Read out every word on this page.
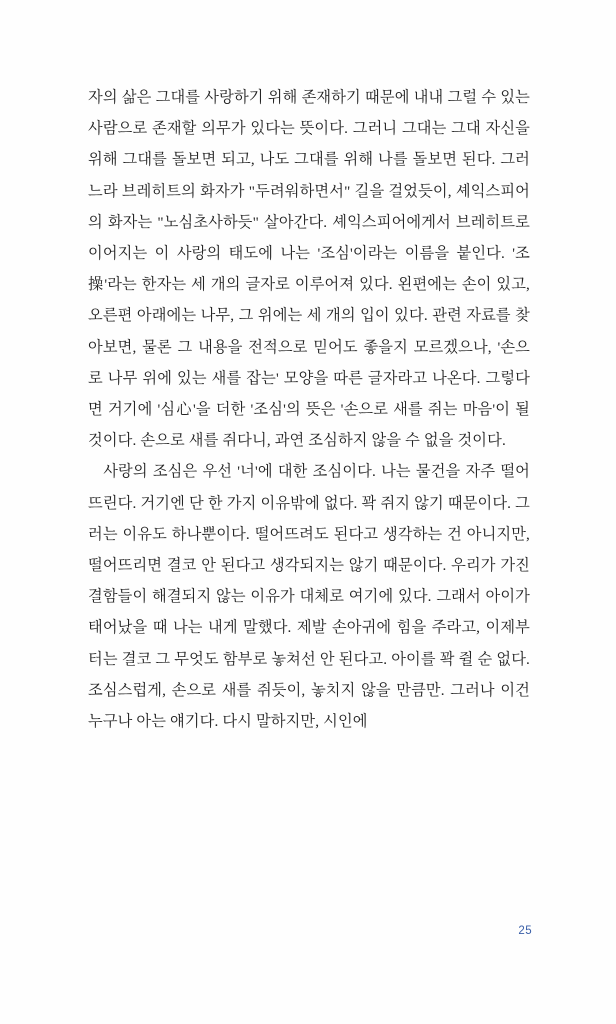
자의 삶은 그대를 사랑하기 위해 존재하기 때문에 내내 그럴 수 있는 사람으로 존재할 의무가 있다는 뜻이다. 그러니 그대는 그대 자신을 위해 그대를 돌보면 되고, 나도 그대를 위해 나를 돌보면 된다. 그러느라 브레히트의 화자가 "두려워하면서" 길을 걸었듯이, 셰익스피어의 화자는 "노심초사하듯" 살아간다. 셰익스피어에게서 브레히트로 이어지는 이 사랑의 태도에 나는 '조심'이라는 이름을 붙인다. '조操'라는 한자는 세 개의 글자로 이루어져 있다. 왼편에는 손이 있고, 오른편 아래에는 나무, 그 위에는 세 개의 입이 있다. 관련 자료를 찾아보면, 물론 그 내용을 전적으로 믿어도 좋을지 모르겠으나, '손으로 나무 위에 있는 새를 잡는' 모양을 따른 글자라고 나온다. 그렇다면 거기에 '심心'을 더한 '조심'의 뜻은 '손으로 새를 쥐는 마음'이 될 것이다. 손으로 새를 쥐다니, 과연 조심하지 않을 수 없을 것이다.

사랑의 조심은 우선 '너'에 대한 조심이다. 나는 물건을 자주 떨어뜨린다. 거기엔 단 한 가지 이유밖에 없다. 꽉 쥐지 않기 때문이다. 그러는 이유도 하나뿐이다. 떨어뜨려도 된다고 생각하는 건 아니지만, 떨어뜨리면 결코 안 된다고 생각되지는 않기 때문이다. 우리가 가진 결함들이 해결되지 않는 이유가 대체로 여기에 있다. 그래서 아이가 태어났을 때 나는 내게 말했다. 제발 손아귀에 힘을 주라고, 이제부터는 결코 그 무엇도 함부로 놓쳐선 안 된다고. 아이를 꽉 쥘 순 없다. 조심스럽게, 손으로 새를 쥐듯이, 놓치지 않을 만큼만. 그러나 이건 누구나 아는 얘기다. 다시 말하지만, 시인에

25
